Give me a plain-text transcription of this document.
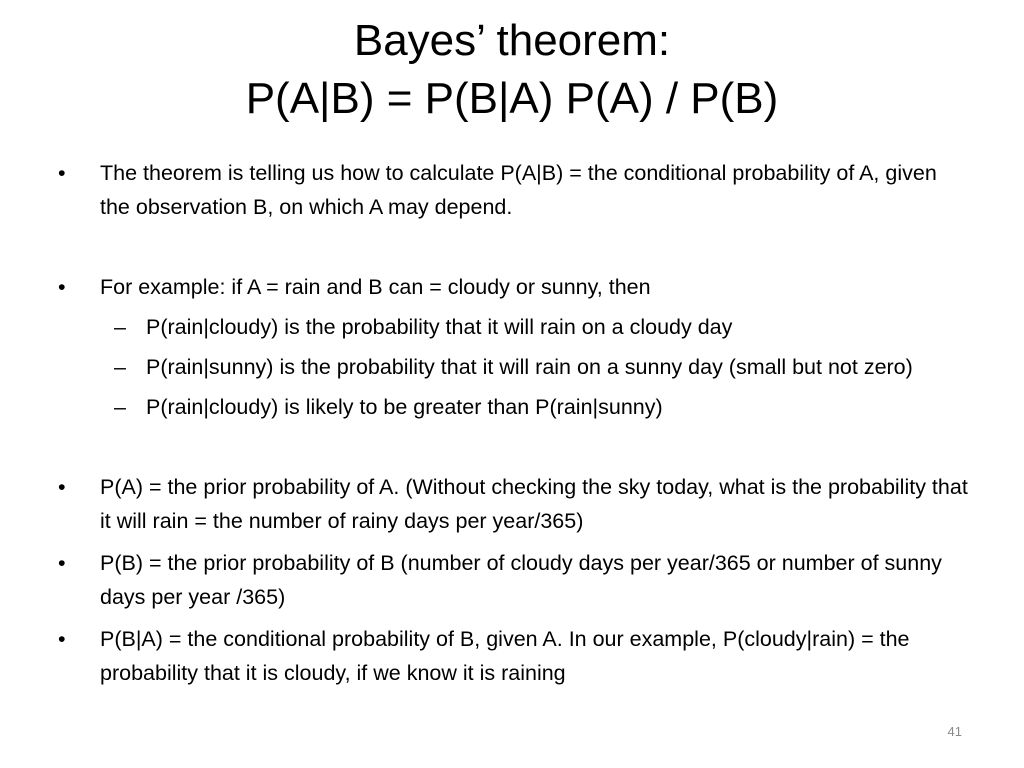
Bayes’ theorem:
P(A|B) = P(B|A) P(A) / P(B)
•	The theorem is telling us how to calculate P(A|B) = the conditional probability of A, given the observation B, on which A may depend.
•	For example: if A = rain and B can = cloudy or sunny, then
– P(rain|cloudy) is the probability that it will rain on a cloudy day
– P(rain|sunny) is the probability that it will rain on a sunny day (small but not zero)
– P(rain|cloudy) is likely to be greater than P(rain|sunny)
•	P(A) = the prior probability of A. (Without checking the sky today, what is the probability that it will rain = the number of rainy days per year/365)
•	P(B) = the prior probability of B (number of cloudy days per year/365 or number of sunny days per year /365)
•	P(B|A) = the conditional probability of B, given A. In our example, P(cloudy|rain) = the probability that it is cloudy, if we know it is raining
41
